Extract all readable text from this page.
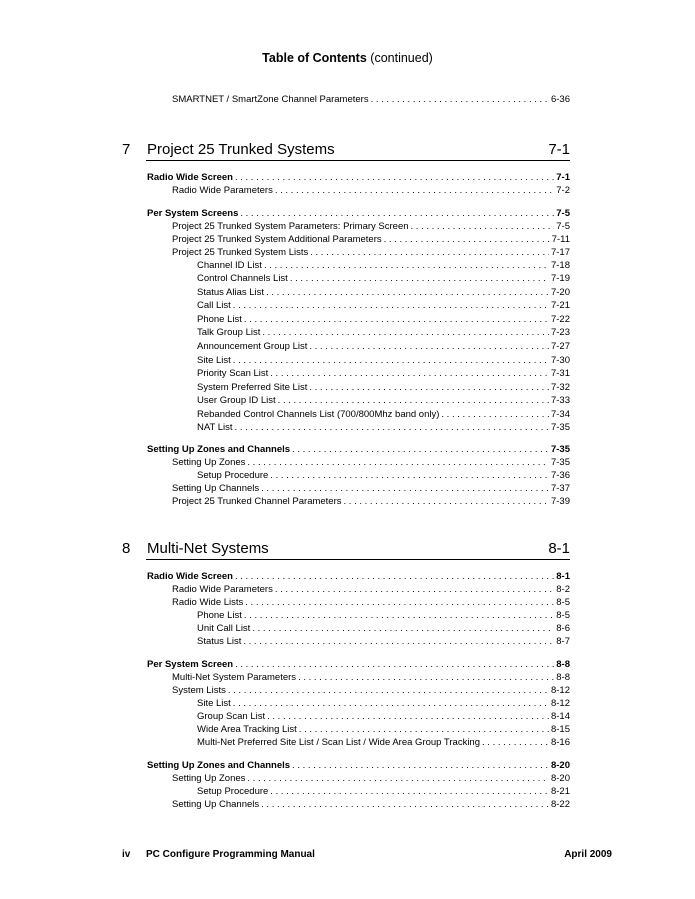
Table of Contents (continued)
SMARTNET / SmartZone Channel Parameters . . .	6-36
7	Project 25 Trunked Systems	7-1
Radio Wide Screen . . .	7-1
Radio Wide Parameters . . .	7-2
Per System Screens . . .	7-5
Project 25 Trunked System Parameters: Primary Screen . . .	7-5
Project 25 Trunked System Additional Parameters . . .	7-11
Project 25 Trunked System Lists . . .	7-17
Channel ID List . . .	7-18
Control Channels List . . .	7-19
Status Alias List . . .	7-20
Call List . . .	7-21
Phone List . . .	7-22
Talk Group List . . .	7-23
Announcement Group List . . .	7-27
Site List . . .	7-30
Priority Scan List . . .	7-31
System Preferred Site List . . .	7-32
User Group ID List . . .	7-33
Rebanded Control Channels List (700/800Mhz band only) . . .	7-34
NAT List . . .	7-35
Setting Up Zones and Channels . . .	7-35
Setting Up Zones . . .	7-35
Setup Procedure . . .	7-36
Setting Up Channels . . .	7-37
Project 25 Trunked Channel Parameters . . .	7-39
8	Multi-Net Systems	8-1
Radio Wide Screen . . .	8-1
Radio Wide Parameters . . .	8-2
Radio Wide Lists . . .	8-5
Phone List . . .	8-5
Unit Call List . . .	8-6
Status List . . .	8-7
Per System Screen . . .	8-8
Multi-Net System Parameters . . .	8-8
System Lists . . .	8-12
Site List . . .	8-12
Group Scan List . . .	8-14
Wide Area Tracking List . . .	8-15
Multi-Net Preferred Site List / Scan List / Wide Area Group Tracking . . .	8-16
Setting Up Zones and Channels . . .	8-20
Setting Up Zones . . .	8-20
Setup Procedure . . .	8-21
Setting Up Channels . . .	8-22
iv	PC Configure Programming Manual	April 2009
